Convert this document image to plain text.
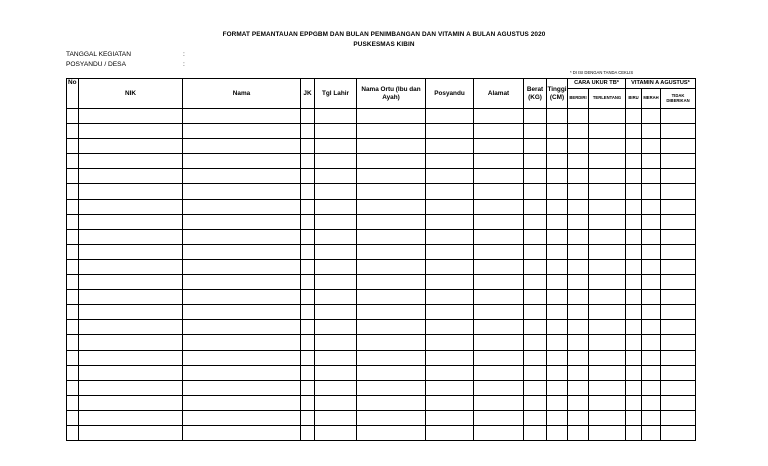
FORMAT PEMANTAUAN EPPGBM DAN BULAN PENIMBANGAN DAN VITAMIN A BULAN AGUSTUS 2020
PUSKESMAS KIBIN
TANGGAL KEGIATAN	:
POSYANDU / DESA	:
* DI ISI DENGAN TANDA CEKLIS
No	NIK	Nama	JK	Tgl Lahir	Nama Ortu (Ibu dan Ayah)	Posyandu	Alamat	Berat (KG)	Tinggi (CM)	CARA UKUR TB*		VITAMIN A AGUSTUS*		
										BERDIRI	TERLENTANG	BIRU	MERAH	TIDAK DIBERIKAN
